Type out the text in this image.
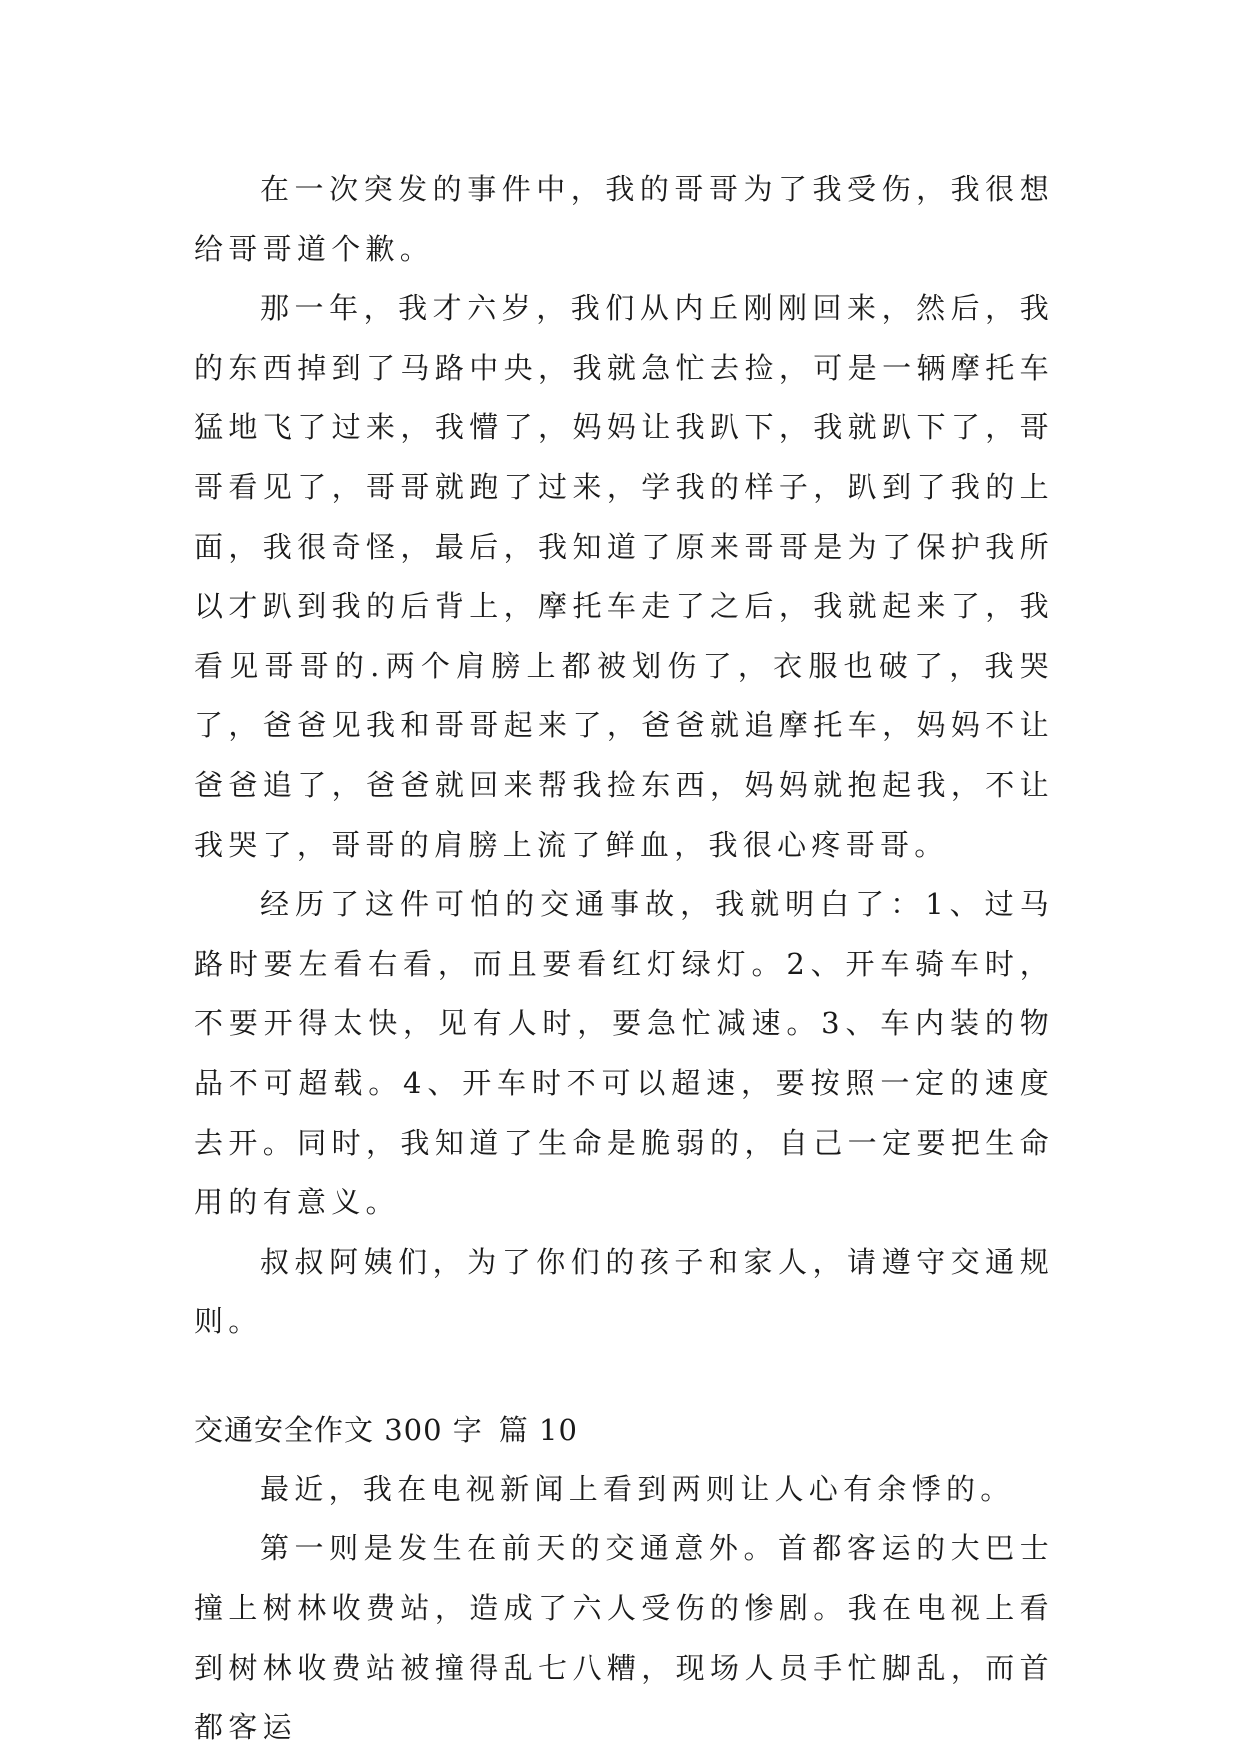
在一次突发的事件中，我的哥哥为了我受伤，我很想给哥哥道个歉。

那一年，我才六岁，我们从内丘刚刚回来，然后，我的东西掉到了马路中央，我就急忙去捡，可是一辆摩托车猛地飞了过来，我懵了，妈妈让我趴下，我就趴下了，哥哥看见了，哥哥就跑了过来，学我的样子，趴到了我的上面，我很奇怪，最后，我知道了原来哥哥是为了保护我所以才趴到我的后背上，摩托车走了之后，我就起来了，我看见哥哥的.两个肩膀上都被划伤了，衣服也破了，我哭了，爸爸见我和哥哥起来了，爸爸就追摩托车，妈妈不让爸爸追了，爸爸就回来帮我捡东西，妈妈就抱起我，不让我哭了，哥哥的肩膀上流了鲜血，我很心疼哥哥。

经历了这件可怕的交通事故，我就明白了：1、过马路时要左看右看，而且要看红灯绿灯。2、开车骑车时，不要开得太快，见有人时，要急忙减速。3、车内装的物品不可超载。4、开车时不可以超速，要按照一定的速度去开。同时，我知道了生命是脆弱的，自己一定要把生命用的有意义。

叔叔阿姨们，为了你们的孩子和家人，请遵守交通规则。

交通安全作文 300 字 篇 10

最近，我在电视新闻上看到两则让人心有余悸的。

第一则是发生在前天的交通意外。首都客运的大巴士撞上树林收费站，造成了六人受伤的惨剧。我在电视上看到树林收费站被撞得乱七八糟，现场人员手忙脚乱，而首都客运
